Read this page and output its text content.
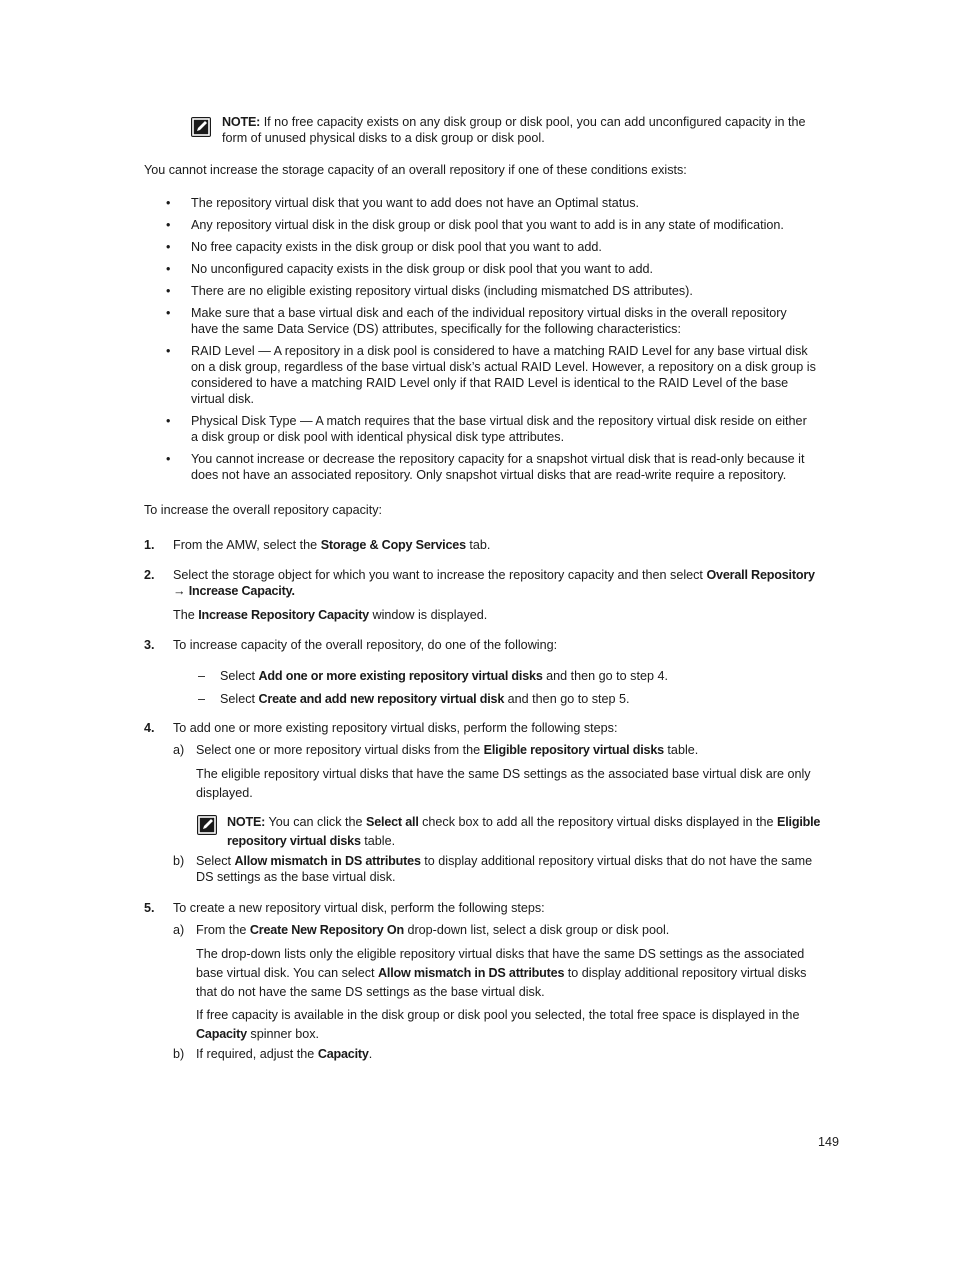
NOTE: If no free capacity exists on any disk group or disk pool, you can add unconfigured capacity in the
form of unused physical disks to a disk group or disk pool.
You cannot increase the storage capacity of an overall repository if one of these conditions exists:
• The repository virtual disk that you want to add does not have an Optimal status.
• Any repository virtual disk in the disk group or disk pool that you want to add is in any state of modification.
• No free capacity exists in the disk group or disk pool that you want to add.
• No unconfigured capacity exists in the disk group or disk pool that you want to add.
• There are no eligible existing repository virtual disks (including mismatched DS attributes).
• Make sure that a base virtual disk and each of the individual repository virtual disks in the overall repository
have the same Data Service (DS) attributes, specifically for the following characteristics:
• RAID Level — A repository in a disk pool is considered to have a matching RAID Level for any base virtual disk
on a disk group, regardless of the base virtual disk’s actual RAID Level. However, a repository on a disk group is
considered to have a matching RAID Level only if that RAID Level is identical to the RAID Level of the base
virtual disk.
• Physical Disk Type — A match requires that the base virtual disk and the repository virtual disk reside on either
a disk group or disk pool with identical physical disk type attributes.
• You cannot increase or decrease the repository capacity for a snapshot virtual disk that is read-only because it
does not have an associated repository. Only snapshot virtual disks that are read-write require a repository.
To increase the overall repository capacity:
1. From the AMW, select the Storage & Copy Services tab.
2. Select the storage object for which you want to increase the repository capacity and then select Overall Repository
→ Increase Capacity.
The Increase Repository Capacity window is displayed.
3. To increase capacity of the overall repository, do one of the following:
– Select Add one or more existing repository virtual disks and then go to step 4.
– Select Create and add new repository virtual disk and then go to step 5.
4. To add one or more existing repository virtual disks, perform the following steps:
a) Select one or more repository virtual disks from the Eligible repository virtual disks table.
The eligible repository virtual disks that have the same DS settings as the associated base virtual disk are only
displayed.
NOTE: You can click the Select all check box to add all the repository virtual disks displayed in the Eligible
repository virtual disks table.
b) Select Allow mismatch in DS attributes to display additional repository virtual disks that do not have the same
DS settings as the base virtual disk.
5. To create a new repository virtual disk, perform the following steps:
a) From the Create New Repository On drop-down list, select a disk group or disk pool.
The drop-down lists only the eligible repository virtual disks that have the same DS settings as the associated
base virtual disk. You can select Allow mismatch in DS attributes to display additional repository virtual disks
that do not have the same DS settings as the base virtual disk.
If free capacity is available in the disk group or disk pool you selected, the total free space is displayed in the
Capacity spinner box.
b) If required, adjust the Capacity.
149
